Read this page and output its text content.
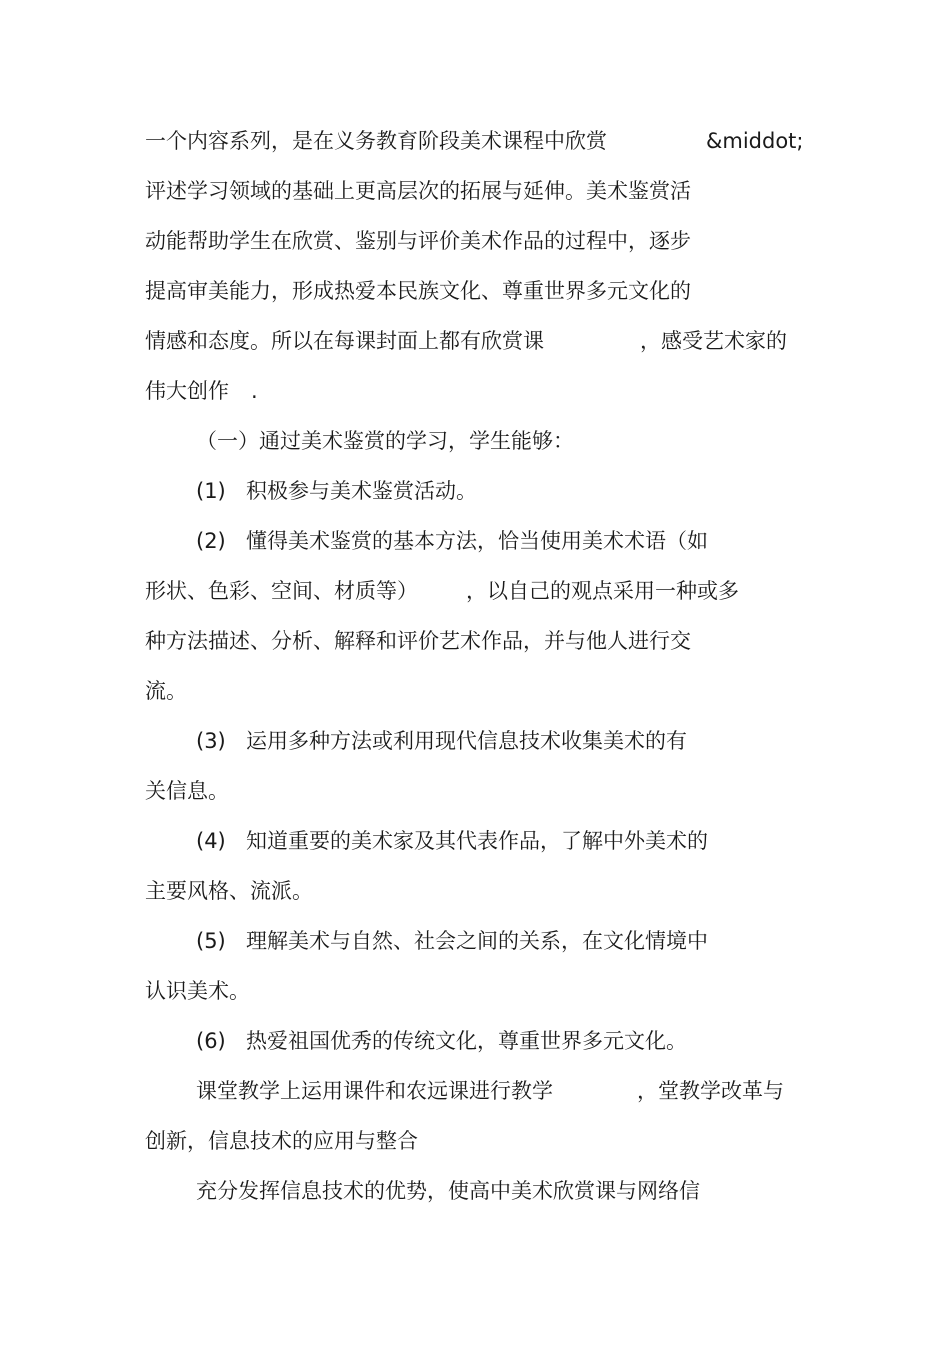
一个内容系列，是在义务教育阶段美术课程中欣赏	&middot;
评述学习领域的基础上更高层次的拓展与延伸。美术鉴赏活
动能帮助学生在欣赏、鉴别与评价美术作品的过程中，逐步
提高审美能力，形成热爱本民族文化、尊重世界多元文化的
情感和态度。所以在每课封面上都有欣赏课	，感受艺术家的
伟大创作 .
（一）通过美术鉴赏的学习，学生能够：
(1) 积极参与美术鉴赏活动。
(2) 懂得美术鉴赏的基本方法，恰当使用美术术语（如
形状、色彩、空间、材质等） ，以自己的观点采用一种或多
种方法描述、分析、解释和评价艺术作品，并与他人进行交
流。
(3) 运用多种方法或利用现代信息技术收集美术的有
关信息。
(4) 知道重要的美术家及其代表作品，了解中外美术的
主要风格、流派。
(5) 理解美术与自然、社会之间的关系，在文化情境中
认识美术。
(6) 热爱祖国优秀的传统文化，尊重世界多元文化。
课堂教学上运用课件和农远课进行教学	，堂教学改革与
创新，信息技术的应用与整合
充分发挥信息技术的优势，使高中美术欣赏课与网络信
